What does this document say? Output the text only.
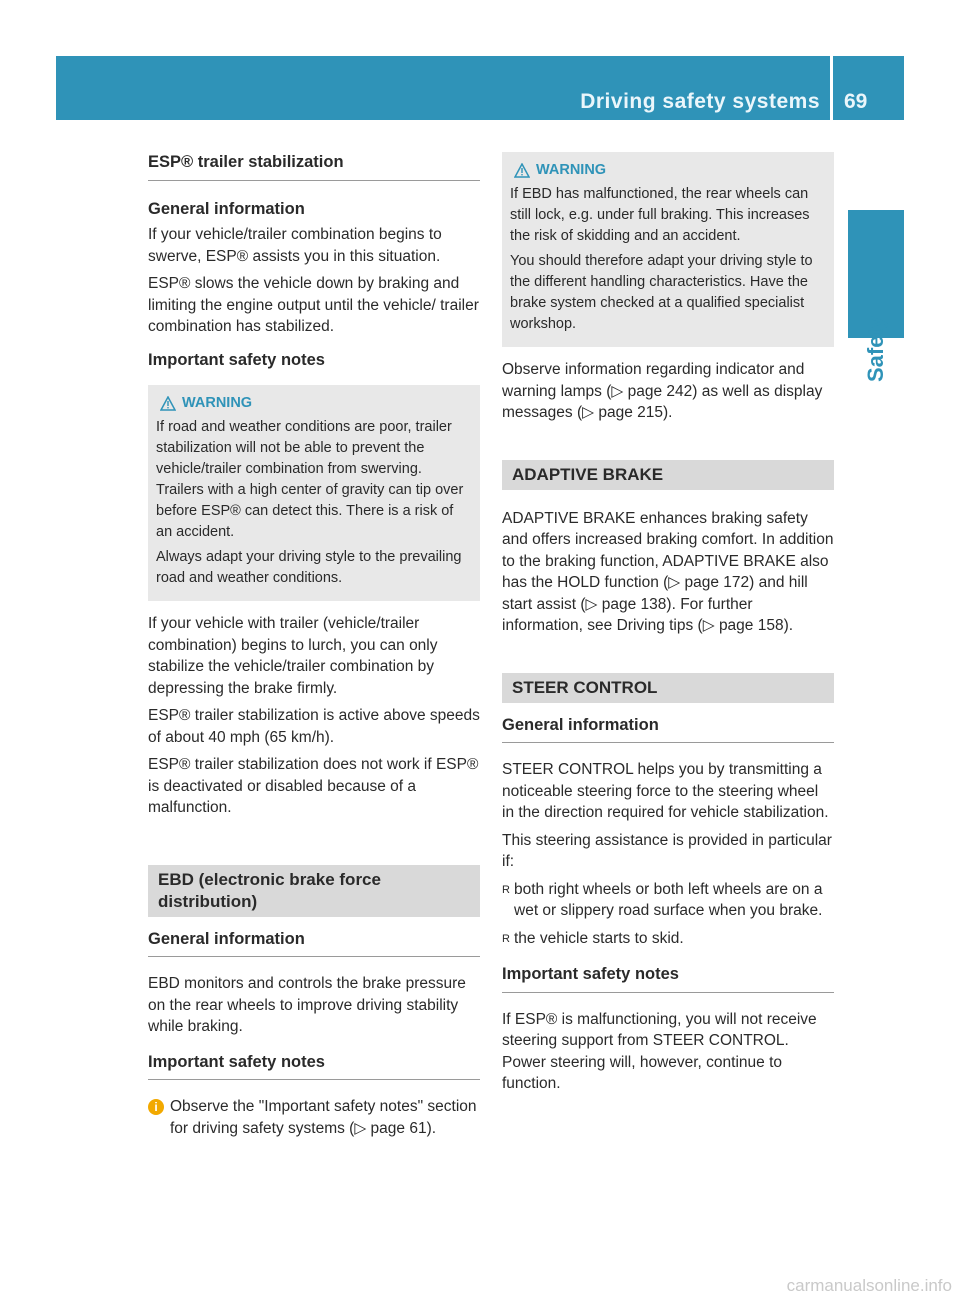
Driving safety systems 69
Safety
ESP® trailer stabilization
General information

If your vehicle/trailer combination begins to swerve, ESP® assists you in this situation.

ESP® slows the vehicle down by braking and limiting the engine output until the vehicle/ trailer combination has stabilized.

Important safety notes
WARNING

If road and weather conditions are poor, trailer stabilization will not be able to prevent the vehicle/trailer combination from swerving. Trailers with a high center of gravity can tip over before ESP® can detect this. There is a risk of an accident.

Always adapt your driving style to the prevailing road and weather conditions.

If your vehicle with trailer (vehicle/trailer combination) begins to lurch, you can only stabilize the vehicle/trailer combination by depressing the brake firmly.

ESP® trailer stabilization is active above speeds of about 40 mph (65 km/h).

ESP® trailer stabilization does not work if ESP® is deactivated or disabled because of a malfunction.

EBD (electronic brake force distribution)
General information

EBD monitors and controls the brake pressure on the rear wheels to improve driving stability while braking.

Important safety notes
i Observe the "Important safety notes" section for driving safety systems (▷ page 61).
WARNING

If EBD has malfunctioned, the rear wheels can still lock, e.g. under full braking. This increases the risk of skidding and an accident.

You should therefore adapt your driving style to the different handling characteristics. Have the brake system checked at a qualified specialist workshop.

Observe information regarding indicator and warning lamps (▷ page 242) as well as display messages (▷ page 215).

ADAPTIVE BRAKE

ADAPTIVE BRAKE enhances braking safety and offers increased braking comfort. In addition to the braking function, ADAPTIVE BRAKE also has the HOLD function (▷ page 172) and hill start assist (▷ page 138). For further information, see Driving tips (▷ page 158).

STEER CONTROL
General information

STEER CONTROL helps you by transmitting a noticeable steering force to the steering wheel in the direction required for vehicle stabilization.

This steering assistance is provided in particular if:

R both right wheels or both left wheels are on a wet or slippery road surface when you brake.
R the vehicle starts to skid.
Important safety notes

If ESP® is malfunctioning, you will not receive steering support from STEER CONTROL. Power steering will, however, continue to function.

carmanualsonline.info
